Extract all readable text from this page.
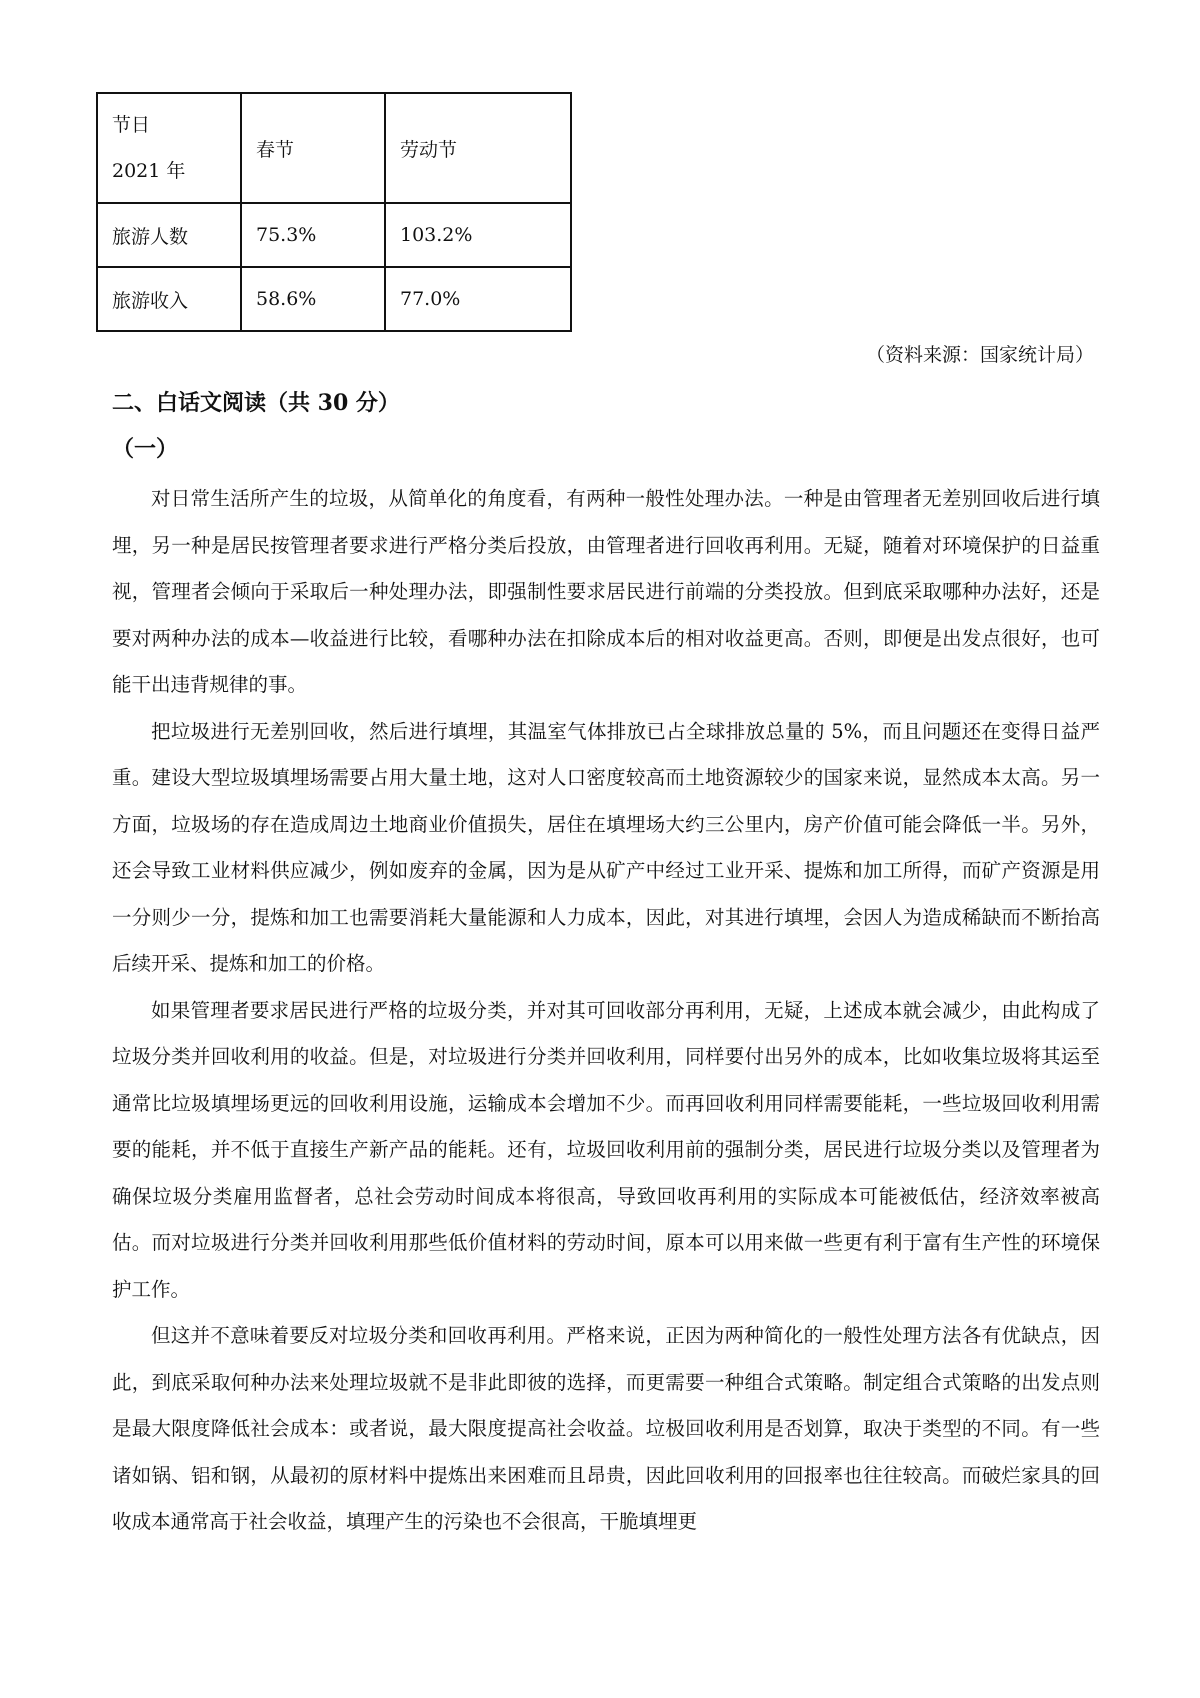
节日
2021 年	春节	劳动节
旅游人数	75.3%	103.2%
旅游收入	58.6%	77.0%
（资料来源：国家统计局）
二、白话文阅读（共 30 分）
（一）

对日常生活所产生的垃圾，从简单化的角度看，有两种一般性处理办法。一种是由管理者无差别回收后进行填埋，另一种是居民按管理者要求进行严格分类后投放，由管理者进行回收再利用。无疑，随着对环境保护的日益重视，管理者会倾向于采取后一种处理办法，即强制性要求居民进行前端的分类投放。但到底采取哪种办法好，还是要对两种办法的成本—收益进行比较，看哪种办法在扣除成本后的相对收益更高。否则，即便是出发点很好，也可能干出违背规律的事。

把垃圾进行无差别回收，然后进行填埋，其温室气体排放已占全球排放总量的 5%，而且问题还在变得日益严重。建设大型垃圾填埋场需要占用大量土地，这对人口密度较高而土地资源较少的国家来说，显然成本太高。另一方面，垃圾场的存在造成周边土地商业价值损失，居住在填埋场大约三公里内，房产价值可能会降低一半。另外，还会导致工业材料供应减少，例如废弃的金属，因为是从矿产中经过工业开采、提炼和加工所得，而矿产资源是用一分则少一分，提炼和加工也需要消耗大量能源和人力成本，因此，对其进行填埋，会因人为造成稀缺而不断抬高后续开采、提炼和加工的价格。

如果管理者要求居民进行严格的垃圾分类，并对其可回收部分再利用，无疑，上述成本就会减少，由此构成了垃圾分类并回收利用的收益。但是，对垃圾进行分类并回收利用，同样要付出另外的成本，比如收集垃圾将其运至通常比垃圾填埋场更远的回收利用设施，运输成本会增加不少。而再回收利用同样需要能耗，一些垃圾回收利用需要的能耗，并不低于直接生产新产品的能耗。还有，垃圾回收利用前的强制分类，居民进行垃圾分类以及管理者为确保垃圾分类雇用监督者，总社会劳动时间成本将很高，导致回收再利用的实际成本可能被低估，经济效率被高估。而对垃圾进行分类并回收利用那些低价值材料的劳动时间，原本可以用来做一些更有利于富有生产性的环境保护工作。

但这并不意味着要反对垃圾分类和回收再利用。严格来说，正因为两种简化的一般性处理方法各有优缺点，因此，到底采取何种办法来处理垃圾就不是非此即彼的选择，而更需要一种组合式策略。制定组合式策略的出发点则是最大限度降低社会成本：或者说，最大限度提高社会收益。垃极回收利用是否划算，取决于类型的不同。有一些诸如锅、铝和钢，从最初的原材料中提炼出来困难而且昂贵，因此回收利用的回报率也往往较高。而破烂家具的回收成本通常高于社会收益，填理产生的污染也不会很高，干脆填埋更
